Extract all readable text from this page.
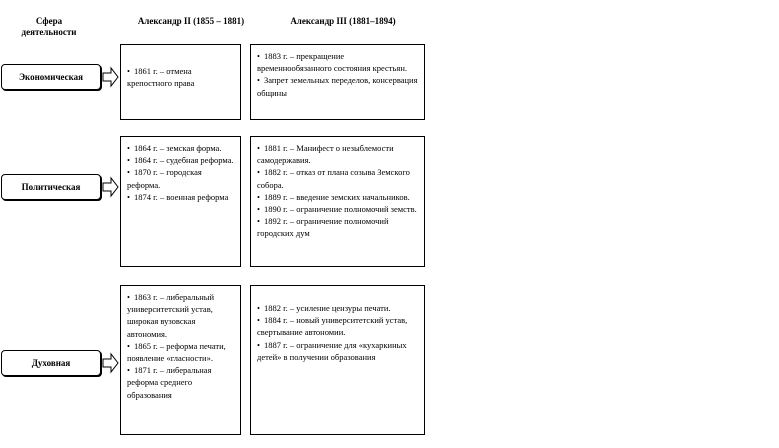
Сфера деятельности
Александр II (1855 – 1881)	Александр III (1881–1894)
Экономическая
• 1861 г. – отмена крепостного права
• 1883 г. – прекращение временнообязанного состояния крестьян.
• Запрет земельных переделов, консервация общины
Политическая
• 1864 г. – земская форма.
• 1864 г. – судебная реформа.
• 1870 г. – городская реформа.
• 1874 г. – военная реформа
• 1881 г. – Манифест о незыблемости самодержавия.
• 1882 г. – отказ от плана созыва Земского собора.
• 1889 г. – введение земских начальников.
• 1890 г. – ограничение полномочий земств.
• 1892 г. – ограничение полномочий городских дум
Духовная
• 1863 г. – либеральный университетский устав, широкая вузовская автономия.
• 1865 г. – реформа печати, появление «гласности».
• 1871 г. – либеральная реформа среднего образования
• 1882 г. – усиление цензуры печати.
• 1884 г. – новый университетский устав, свертывание автономии.
• 1887 г. – ограничение для «кухаркиных детей» в получении образования
